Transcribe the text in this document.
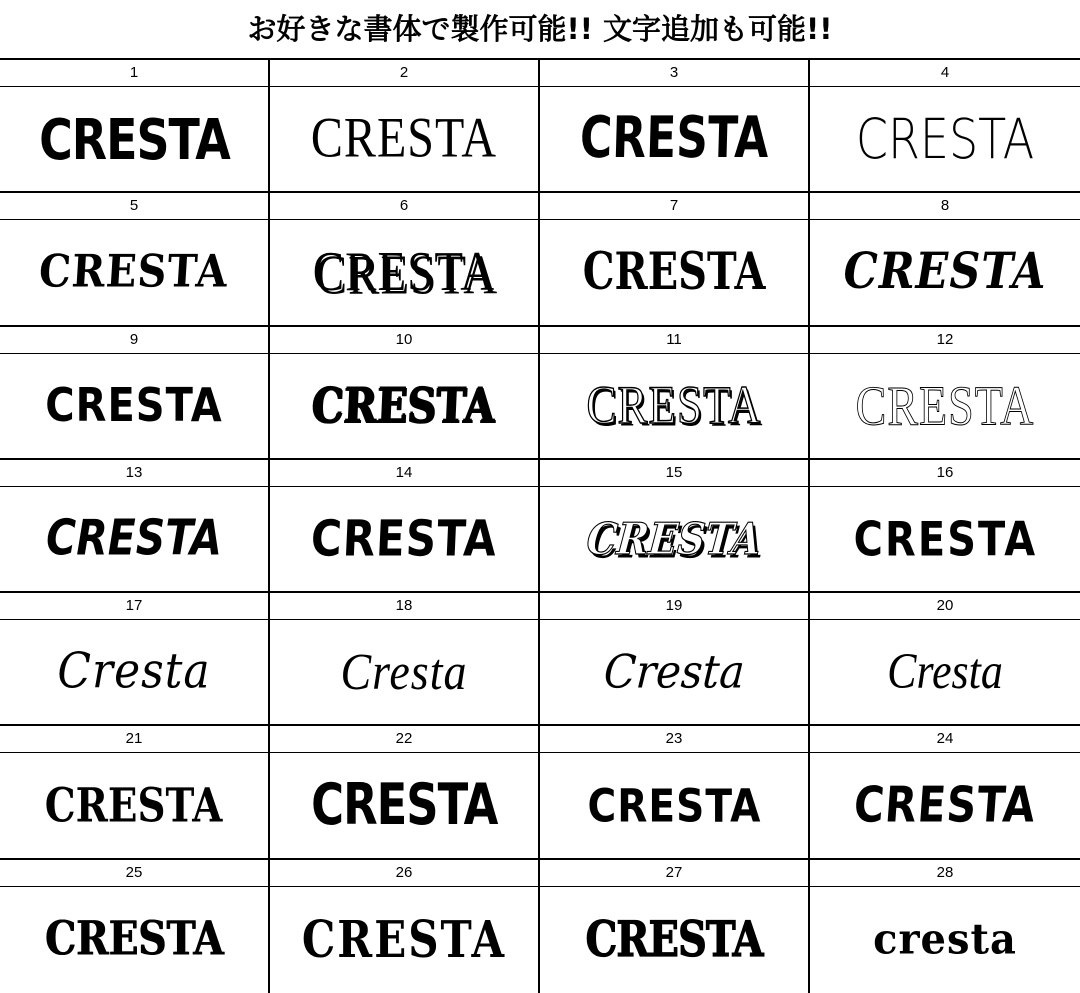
お好きな書体で製作可能!! 文字追加も可能!!
1
CRESTA
2
CRESTA
3
CRESTA
4
CRESTA
5
CRESTA
6
CRESTA
7
CRESTA
8
CRESTA
9
CRESTA
10
CRESTA
11
CRESTA
12
CRESTA
13
CRESTA
14
CRESTA
15
CRESTA
16
CRESTA
17
Cresta
18
Cresta
19
Cresta
20
Cresta
21
CRESTA
22
CRESTA
23
CRESTA
24
CRESTA
25
CRESTA
26
CRESTA
27
CRESTA
28
cresta
